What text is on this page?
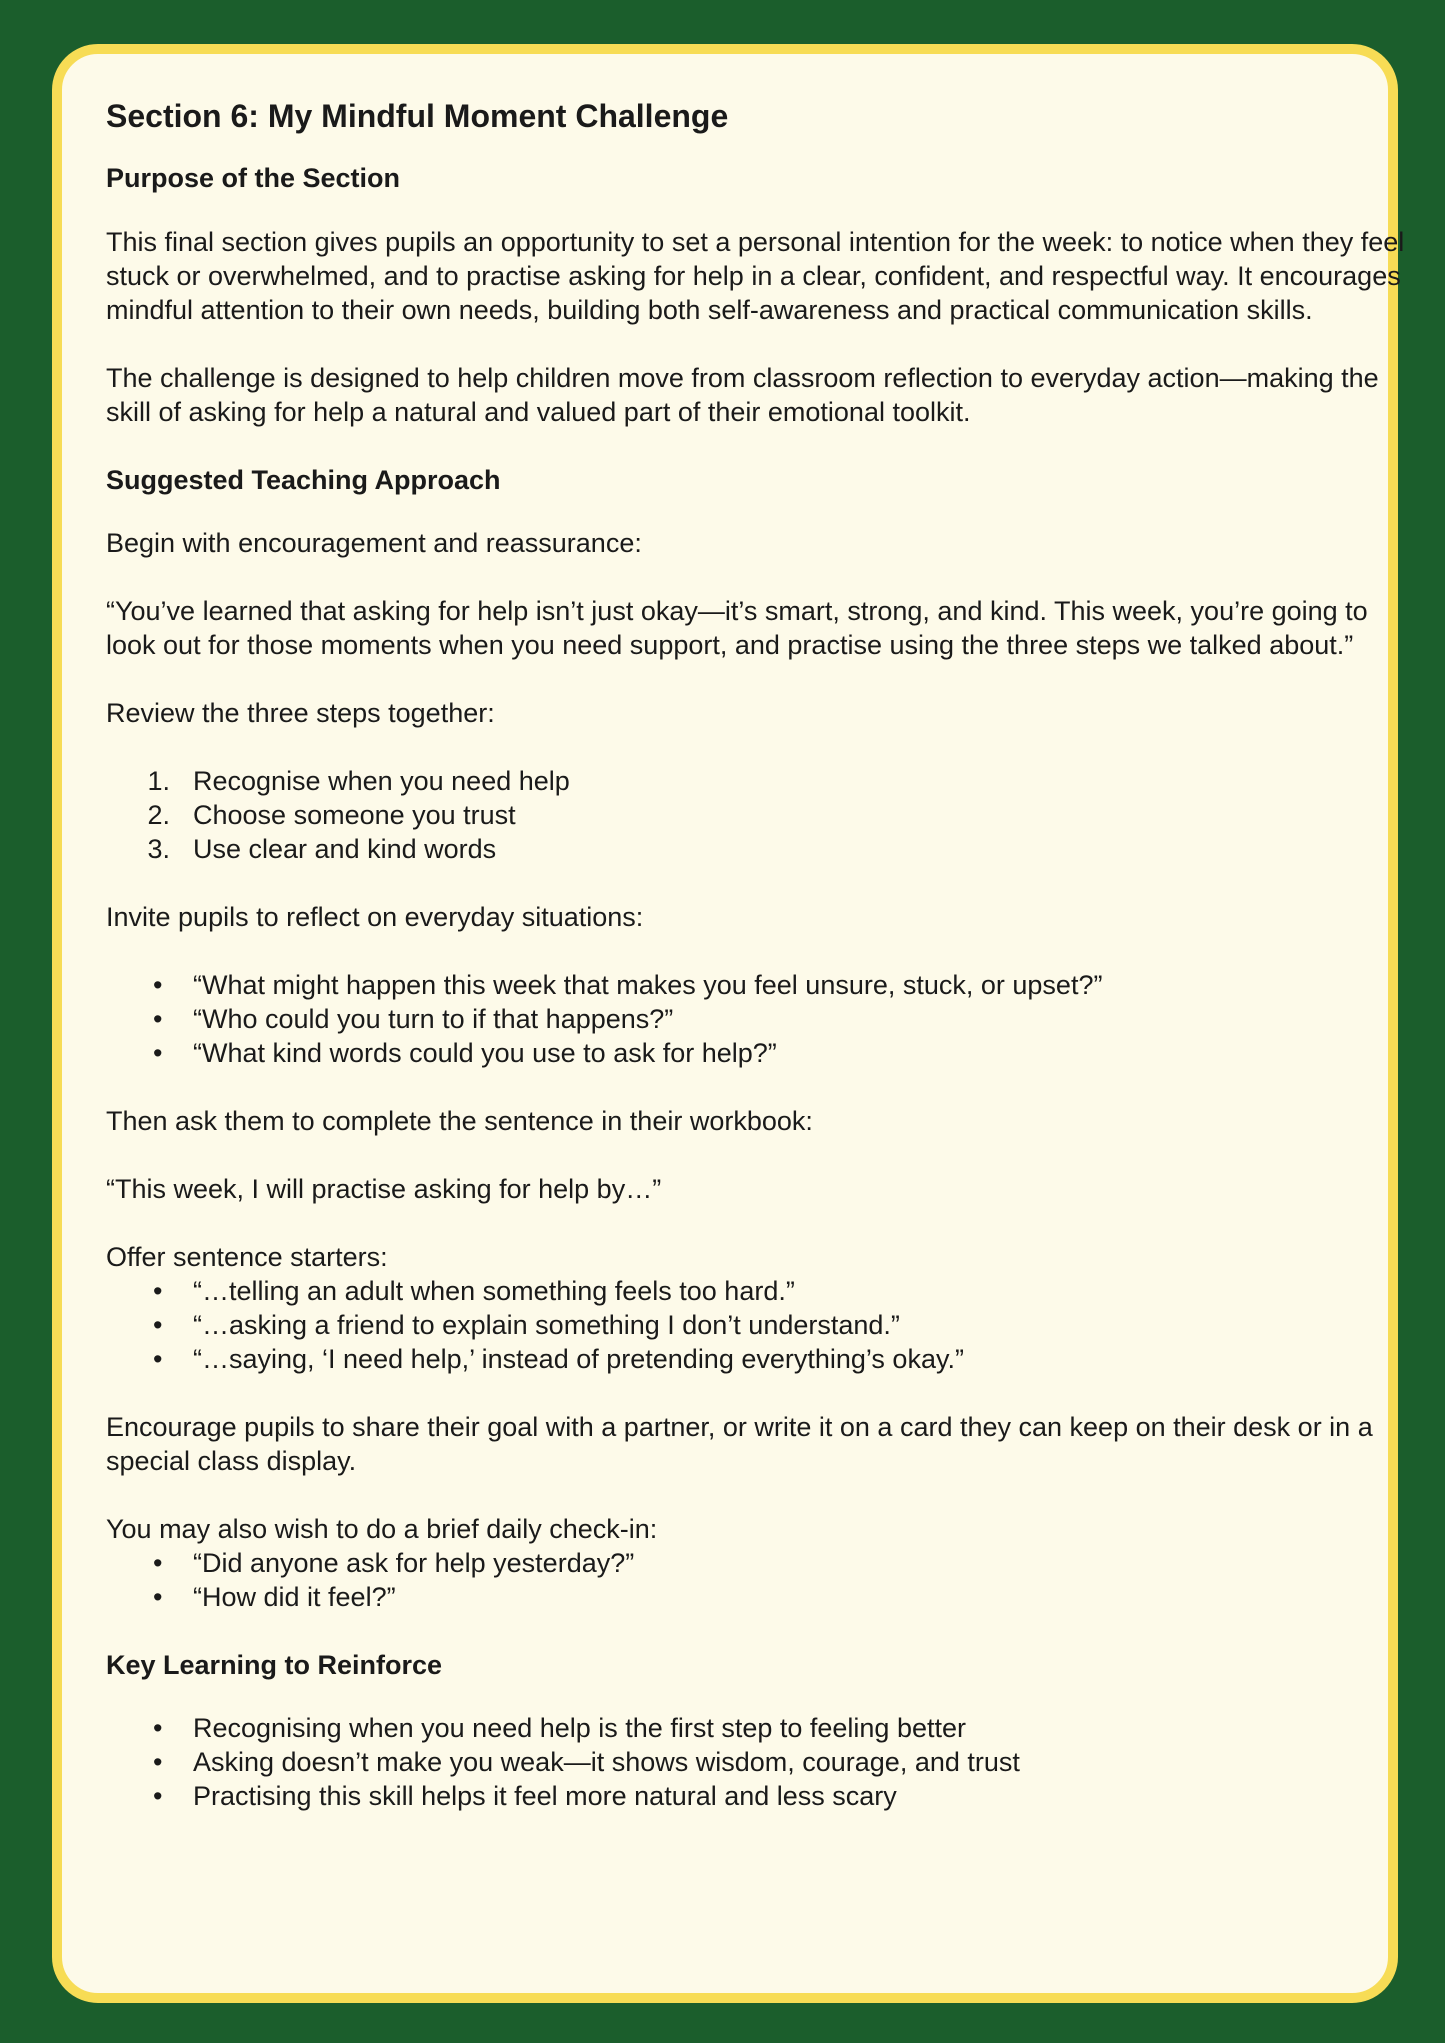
Section 6: My Mindful Moment Challenge
Purpose of the Section

This final section gives pupils an opportunity to set a personal intention for the week: to notice when they feel stuck or overwhelmed, and to practise asking for help in a clear, confident, and respectful way. It encourages mindful attention to their own needs, building both self-awareness and practical communication skills.

The challenge is designed to help children move from classroom reflection to everyday action—making the skill of asking for help a natural and valued part of their emotional toolkit.

Suggested Teaching Approach

Begin with encouragement and reassurance:

“You’ve learned that asking for help isn’t just okay—it’s smart, strong, and kind. This week, you’re going to look out for those moments when you need support, and practise using the three steps we talked about.”

Review the three steps together:

1. Recognise when you need help
2. Choose someone you trust
3. Use clear and kind words

Invite pupils to reflect on everyday situations:

• “What might happen this week that makes you feel unsure, stuck, or upset?”
• “Who could you turn to if that happens?”
• “What kind words could you use to ask for help?”

Then ask them to complete the sentence in their workbook:

“This week, I will practise asking for help by…”

Offer sentence starters:

• “…telling an adult when something feels too hard.”
• “…asking a friend to explain something I don’t understand.”
• “…saying, ‘I need help,’ instead of pretending everything’s okay.”

Encourage pupils to share their goal with a partner, or write it on a card they can keep on their desk or in a special class display.

You may also wish to do a brief daily check-in:

• “Did anyone ask for help yesterday?”
• “How did it feel?”
Key Learning to Reinforce
• Recognising when you need help is the first step to feeling better
• Asking doesn’t make you weak—it shows wisdom, courage, and trust
• Practising this skill helps it feel more natural and less scary
